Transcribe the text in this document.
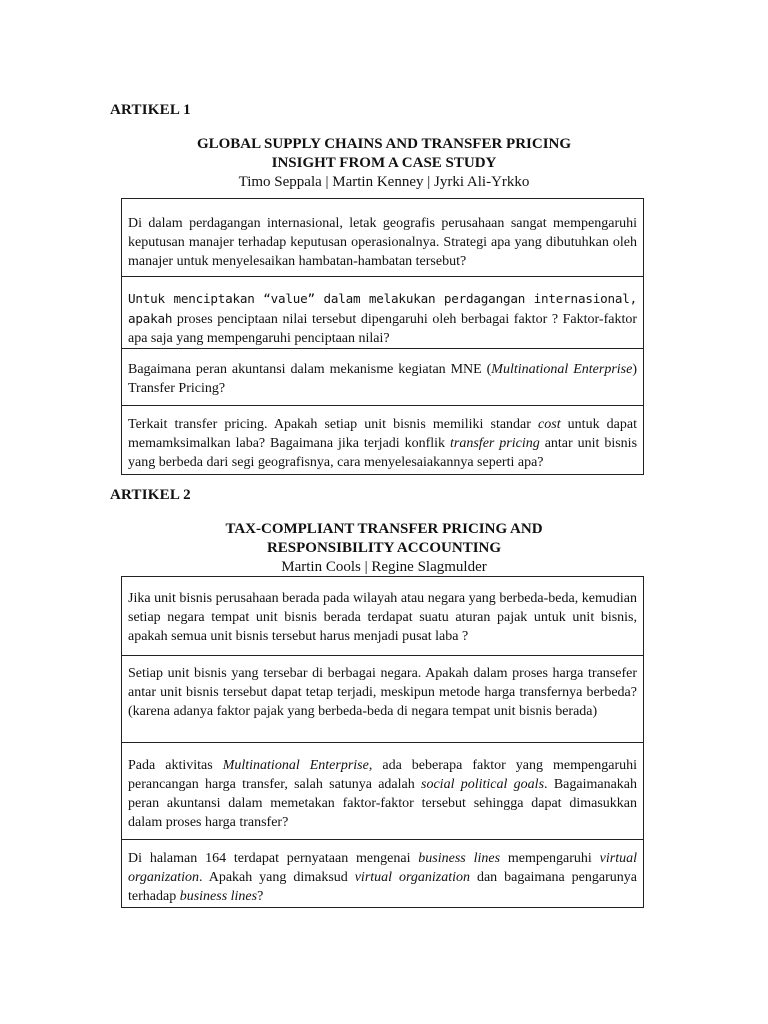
ARTIKEL 1
GLOBAL SUPPLY CHAINS AND TRANSFER PRICING
INSIGHT FROM A CASE STUDY
Timo Seppala | Martin Kenney | Jyrki Ali-Yrkko
Di dalam perdagangan internasional, letak geografis perusahaan sangat mempengaruhi keputusan manajer terhadap keputusan operasionalnya. Strategi apa yang dibutuhkan oleh manajer untuk menyelesaikan hambatan-hambatan tersebut?
Untuk menciptakan “value” dalam melakukan perdagangan internasional, apakah proses penciptaan nilai tersebut dipengaruhi oleh berbagai faktor ? Faktor-faktor apa saja yang mempengaruhi penciptaan nilai?
Bagaimana peran akuntansi dalam mekanisme kegiatan MNE (Multinational Enterprise) Transfer Pricing?
Terkait transfer pricing. Apakah setiap unit bisnis memiliki standar cost untuk dapat memamksimalkan laba? Bagaimana jika terjadi konflik transfer pricing antar unit bisnis yang berbeda dari segi geografisnya, cara menyelesaiakannya seperti apa?
ARTIKEL 2
TAX-COMPLIANT TRANSFER PRICING AND
RESPONSIBILITY ACCOUNTING
Martin Cools | Regine Slagmulder
Jika unit bisnis perusahaan berada pada wilayah atau negara yang berbeda-beda, kemudian setiap negara tempat unit bisnis berada terdapat suatu aturan pajak untuk unit bisnis, apakah semua unit bisnis tersebut harus menjadi pusat laba ?
Setiap unit bisnis yang tersebar di berbagai negara. Apakah dalam proses harga transefer antar unit bisnis tersebut dapat tetap terjadi, meskipun metode harga transfernya berbeda? (karena adanya faktor pajak yang berbeda-beda di negara tempat unit bisnis berada)
Pada aktivitas Multinational Enterprise, ada beberapa faktor yang mempengaruhi perancangan harga transfer, salah satunya adalah social political goals. Bagaimanakah peran akuntansi dalam memetakan faktor-faktor tersebut sehingga dapat dimasukkan dalam proses harga transfer?
Di halaman 164 terdapat pernyataan mengenai business lines mempengaruhi virtual organization. Apakah yang dimaksud virtual organization dan bagaimana pengarunya terhadap business lines?
